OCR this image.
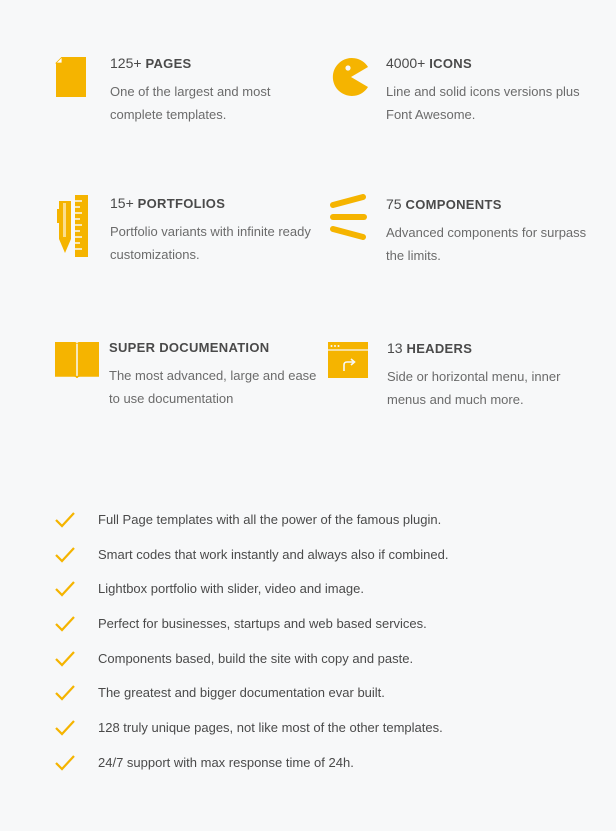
125+ PAGES
One of the largest and most complete templates.
4000+ ICONS
Line and solid icons versions plus Font Awesome.
15+ PORTFOLIOS
Portfolio variants with infinite ready customizations.
75 COMPONENTS
Advanced components for surpass the limits.
SUPER DOCUMENATION
The most advanced, large and ease to use documentation
13 HEADERS
Side or horizontal menu, inner menus and much more.
Full Page templates with all the power of the famous plugin.
Smart codes that work instantly and always also if combined.
Lightbox portfolio with slider, video and image.
Perfect for businesses, startups and web based services.
Components based, build the site with copy and paste.
The greatest and bigger documentation evar built.
128 truly unique pages, not like most of the other templates.
24/7 support with max response time of 24h.
